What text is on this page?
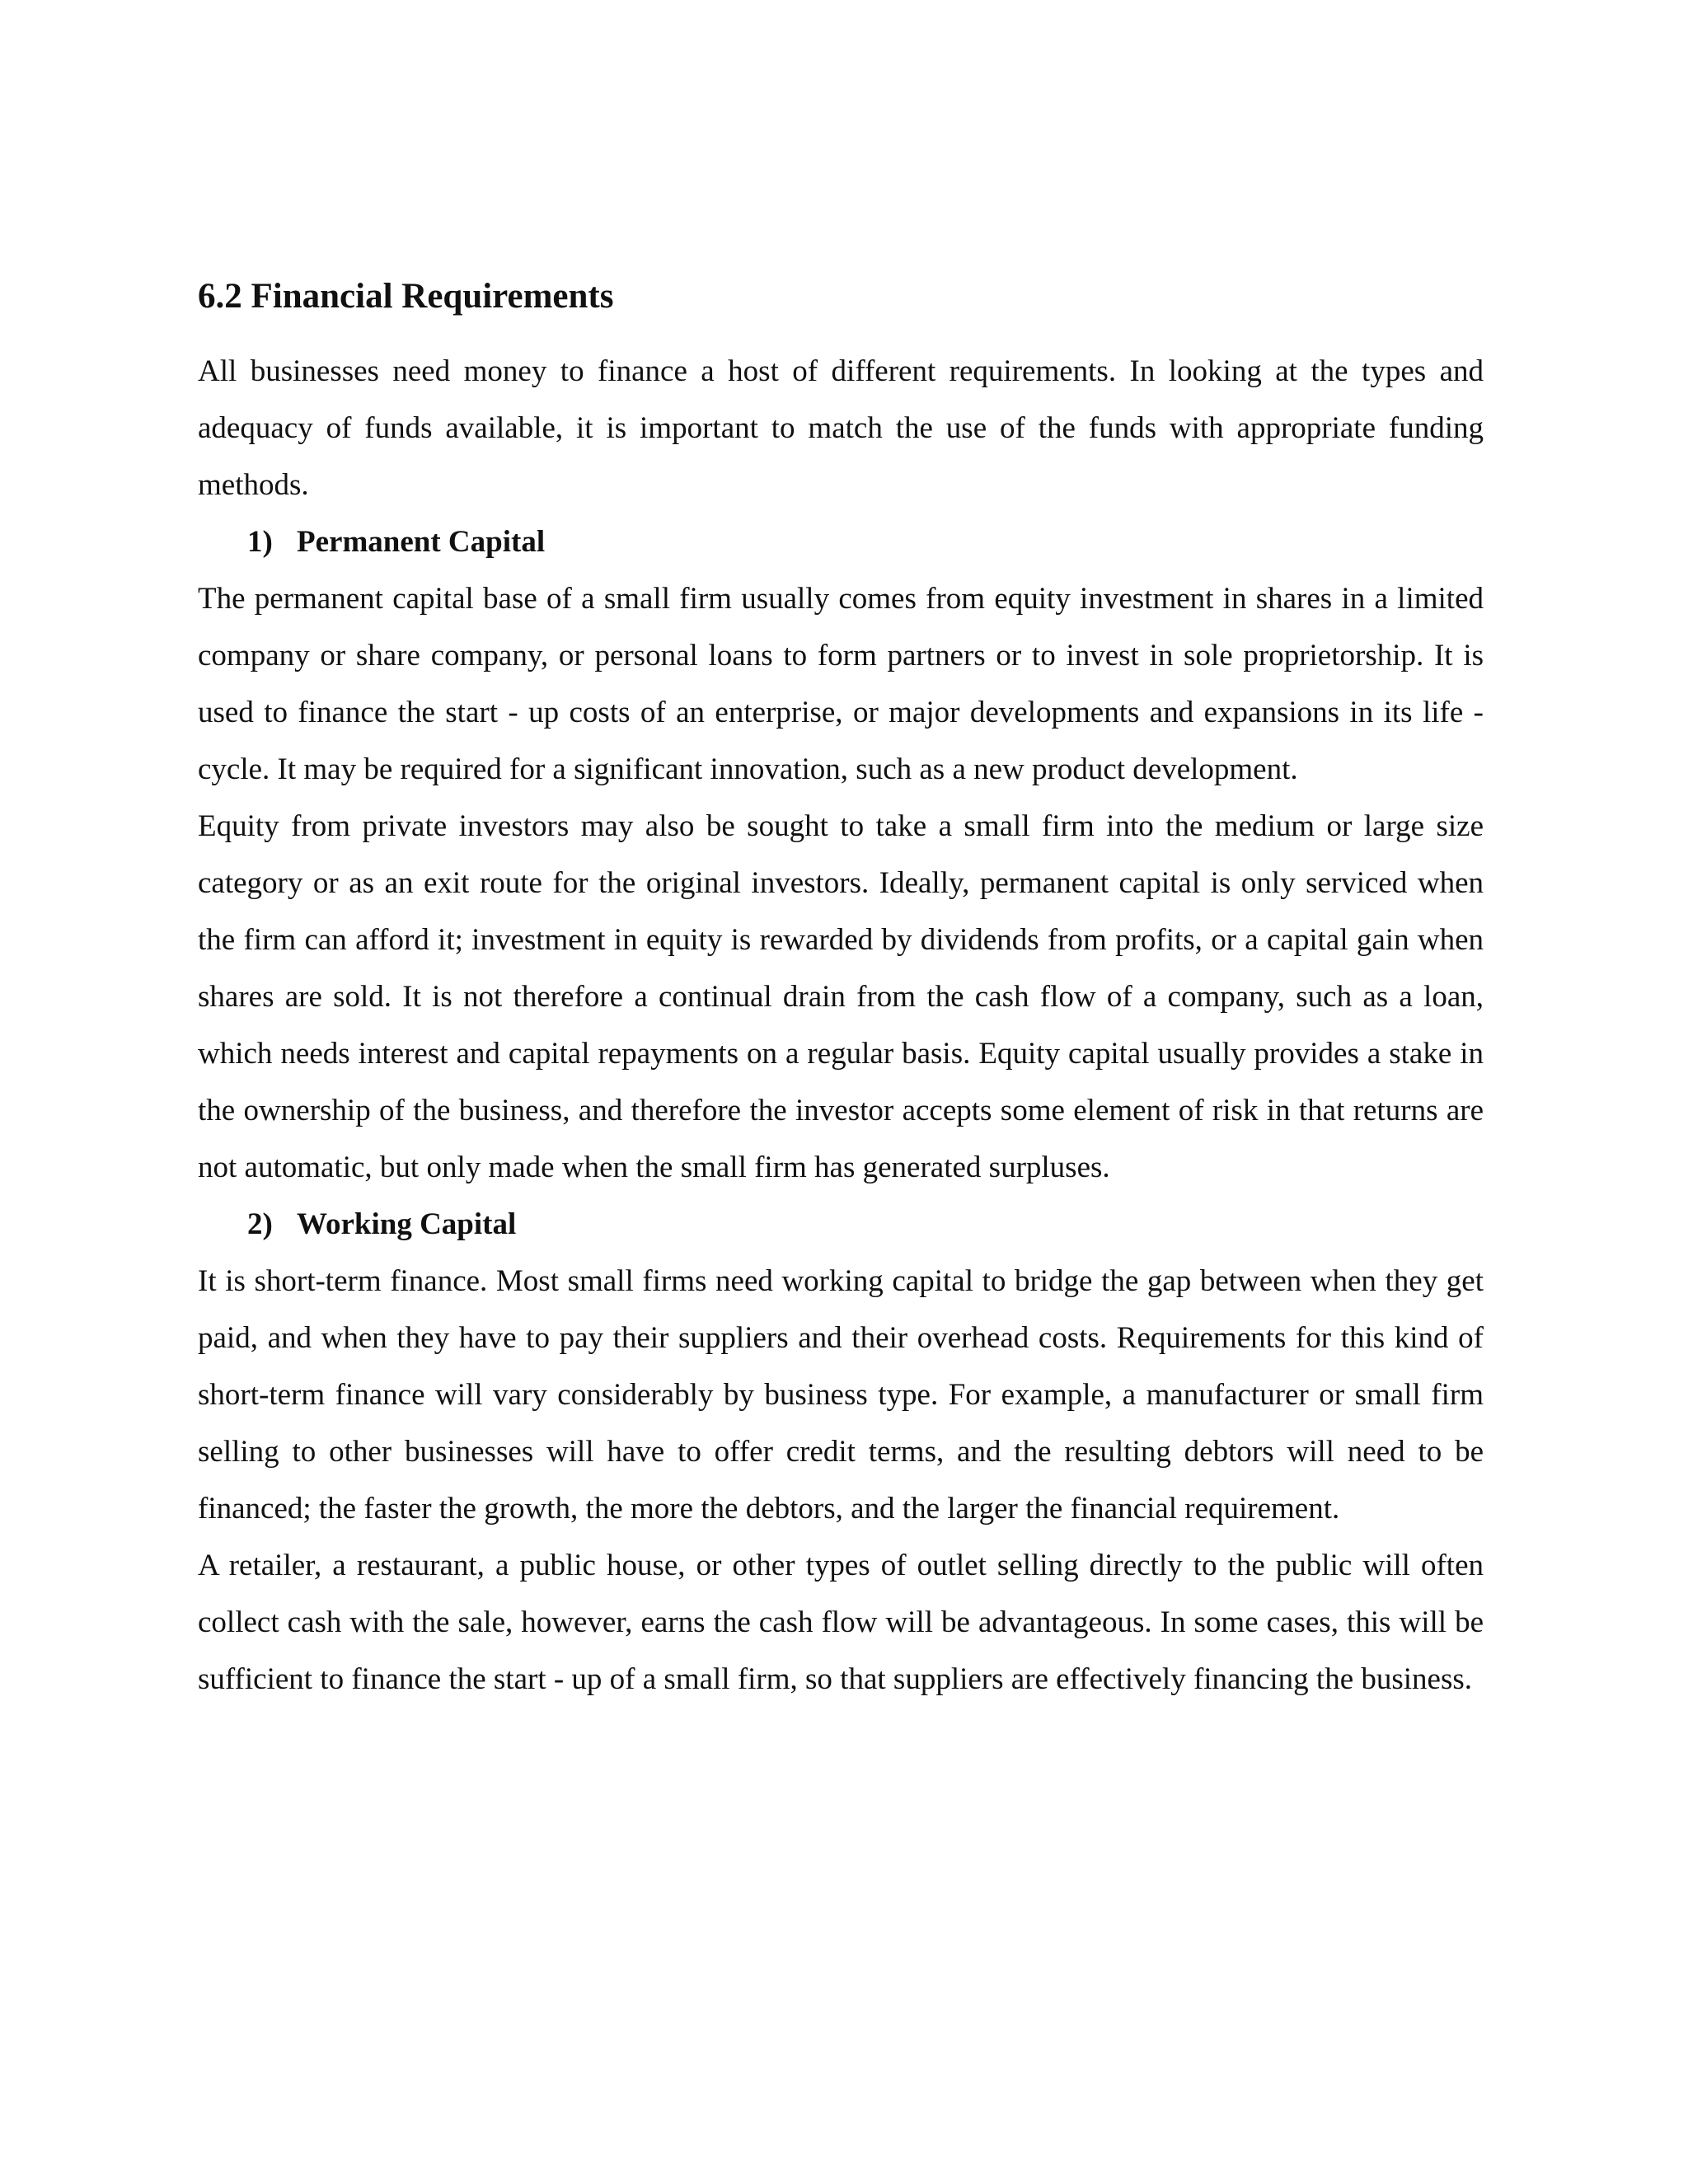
6.2 Financial Requirements

All businesses need money to finance a host of different requirements. In looking at the types and adequacy of funds available, it is important to match the use of the funds with appropriate funding methods.

1) Permanent Capital

The permanent capital base of a small firm usually comes from equity investment in shares in a limited company or share company, or personal loans to form partners or to invest in sole proprietorship. It is used to finance the start - up costs of an enterprise, or major developments and expansions in its life - cycle. It may be required for a significant innovation, such as a new product development.

Equity from private investors may also be sought to take a small firm into the medium or large size category or as an exit route for the original investors. Ideally, permanent capital is only serviced when the firm can afford it; investment in equity is rewarded by dividends from profits, or a capital gain when shares are sold. It is not therefore a continual drain from the cash flow of a company, such as a loan, which needs interest and capital repayments on a regular basis. Equity capital usually provides a stake in the ownership of the business, and therefore the investor accepts some element of risk in that returns are not automatic, but only made when the small firm has generated surpluses.

2) Working Capital

It is short-term finance. Most small firms need working capital to bridge the gap between when they get paid, and when they have to pay their suppliers and their overhead costs. Requirements for this kind of short-term finance will vary considerably by business type. For example, a manufacturer or small firm selling to other businesses will have to offer credit terms, and the resulting debtors will need to be financed; the faster the growth, the more the debtors, and the larger the financial requirement.

A retailer, a restaurant, a public house, or other types of outlet selling directly to the public will often collect cash with the sale, however, earns the cash flow will be advantageous. In some cases, this will be sufficient to finance the start - up of a small firm, so that suppliers are effectively financing the business.
